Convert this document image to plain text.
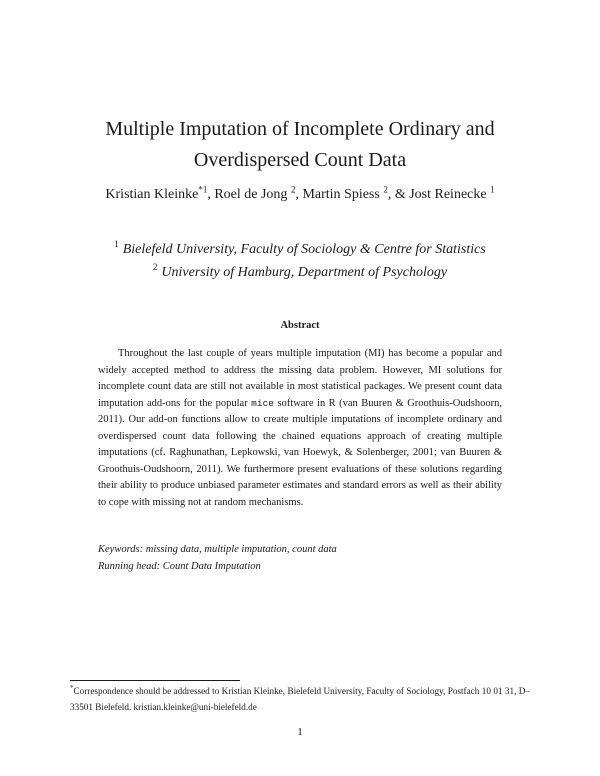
Multiple Imputation of Incomplete Ordinary and
Overdispersed Count Data
Kristian Kleinke$^{*1}$, Roel de Jong $^2$, Martin Spiess $^2$, & Jost Reinecke $^1$
$^1$ Bielefeld University, Faculty of Sociology & Centre for Statistics
$^2$ University of Hamburg, Department of Psychology
Abstract

Throughout the last couple of years multiple imputation (MI) has become a popular and widely accepted method to address the missing data problem. However, MI solutions for incomplete count data are still not available in most statistical packages. We present count data imputation add-ons for the popular mice software in R (van Buuren & Groothuis-Oudshoorn, 2011). Our add-on functions allow to create multiple imputations of incomplete ordinary and overdispersed count data following the chained equations approach of creating multiple imputations (cf. Raghunathan, Lepkowski, van Hoewyk, & Solenberger, 2001; van Buuren & Groothuis-Oudshoorn, 2011). We furthermore present evaluations of these solutions regarding their ability to produce unbiased parameter estimates and standard errors as well as their ability to cope with missing not at random mechanisms.

Keywords: missing data, multiple imputation, count data
Running head: Count Data Imputation
*Correspondence should be addressed to Kristian Kleinke, Bielefeld University, Faculty of Sociology, Postfach 10 01 31, D–33501 Bielefeld. kristian.kleinke@uni-bielefeld.de
1
